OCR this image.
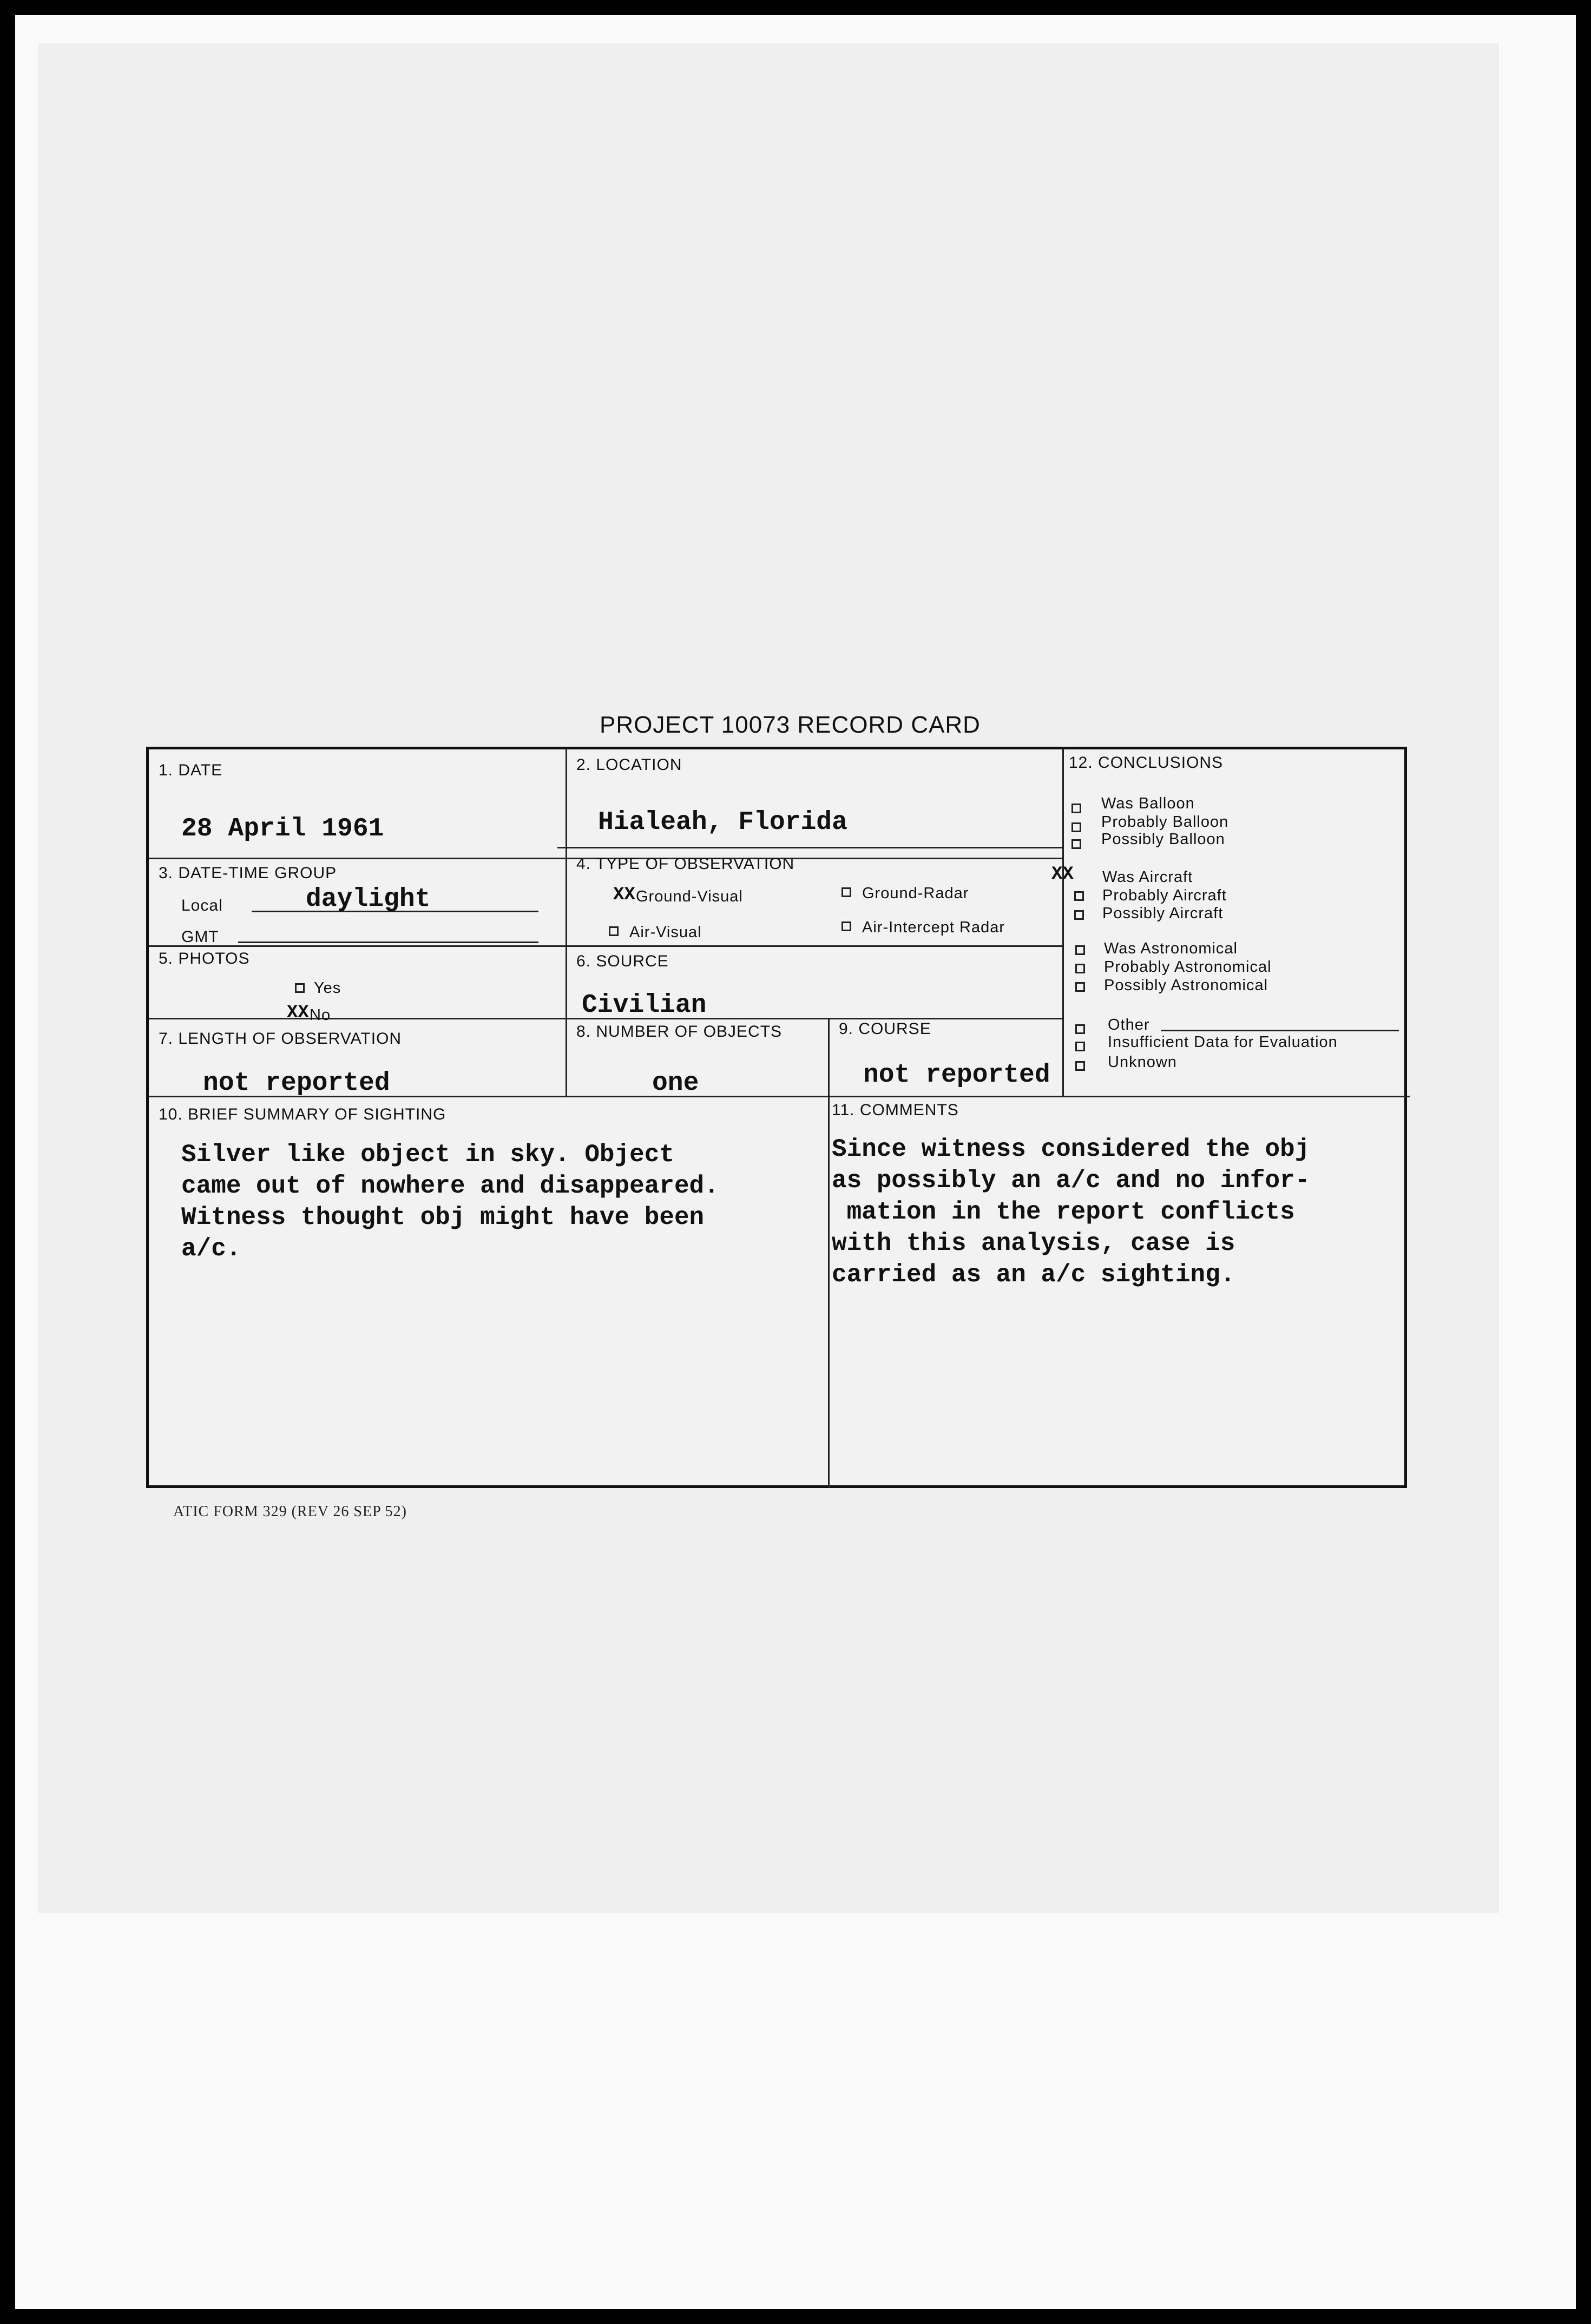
PROJECT 10073 RECORD CARD
1. DATE
28 April 1961
2. LOCATION
Hialeah, Florida
3. DATE-TIME GROUP
Local	daylight
GMT
4. TYPE OF OBSERVATION
XX Ground-Visual	Ground-Radar
Air-Visual	Air-Intercept Radar
5. PHOTOS
Yes
XX No
6. SOURCE
Civilian
7. LENGTH OF OBSERVATION
not reported
8. NUMBER OF OBJECTS
one
9. COURSE
not reported
10. BRIEF SUMMARY OF SIGHTING
Silver like object in sky. Object
came out of nowhere and disappeared.
Witness thought obj might have been
a/c.
11. COMMENTS
Since witness considered the obj
as possibly an a/c and no infor-
mation in the report conflicts
with this analysis, case is
carried as an a/c sighting.
12. CONCLUSIONS
Was Balloon
Probably Balloon
Possibly Balloon
XX Was Aircraft
Probably Aircraft
Possibly Aircraft
Was Astronomical
Probably Astronomical
Possibly Astronomical
Other
Insufficient Data for Evaluation
Unknown
ATIC FORM 329 (REV 26 SEP 52)
